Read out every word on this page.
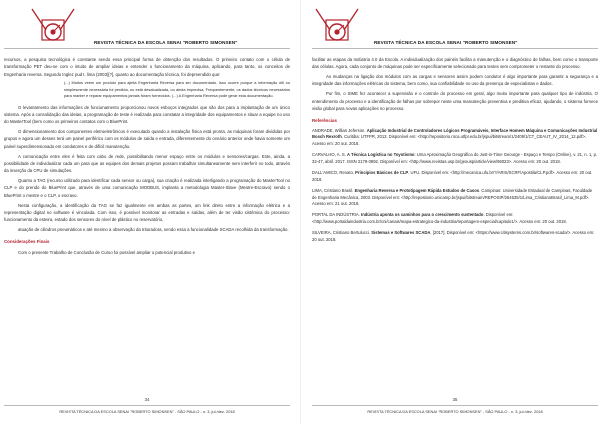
REVISTA TÉCNICA DA ESCOLA SENAI "ROBERTO SIMONSEN"

recursos, a pesquisa tecnológica é constante sendo essa principal forma de obtenção dos resultados. O primeiro contato com o célula de transformação PET deu-se com o intuito de ampliar ideias e entender o funcionamento da máquina, aplicando, para tanto, os conceitos de Engenharia reversa. Segundo Inglez pud t. lima (2003)[?], quanto ao documentação técnica, foi depreendido que:

(...) Muitos veem um produto para ajeita Engenharia Reversa para ser documentado. Isso ocorre porque a informação útil ou simplesmente necessária foi perdida, ou está desatualizada, ou ainda imprecisa. Frequentemente, os dados técnicos necessários para manter e reparar equipamentos jamais foram fornecidos. (...) A Engenharia Reversa pode gerar esta documentação.

O levantamento das informações de funcionamento proporcionou novos esboços integrados que são dos para a implantação de um único sistema. Após a consolidação das ideias, a programação de teste é realizada para constatar a integridade dos equipamentos e situar a equipe no uso do MasterTool (bem como os primeiros contatos com o BluePrint.

O dimensionamento dos componentes eletroeletrônicos é executado quando a instalação física está pronta, as máquinas foram divididas por grupos e agora um desses terá um painel periférico com os módulos de saída e entrada, diferentemente do cenário anterior onde havia somente um painel superdimensionado em condutores e de difícil manutenção.

A comunicação entre eles é feita com cabo de rede, possibilitando menor espaço entre os módulos e sensores/cargas. Este, ainda, a possibilidade de individualizar cada um para que as equipes dos demais projetos possam trabalhar simultaneamente sem interferir no todo, através da inserção da CPU de simulações.

Quanto a TAG (recurso utilizado para identificar cada sensor ou carga), sua criação é realizada interligando a programação do MasterTool no CLP e do prendo do BluePrint que, através de uma comunicação MODBUS, implanta a metodologia Master-Slave (Mestre-Escravo) sendo o BluePrint o mestre e o CLP, o escravo.

Nesta configuração, a identificação da TAG se faz igualmente em ambas as partes, um link direto entre a informação elétrica e a representação digital no software é vinculada. Com isso, é possível monitorar as entradas e saídas, além de ter visão sistêmica do processo: funcionamento da esteira, estado dos sensores do nível de plástico no reservatório,

atuação de cilindros pneumáticos e até mesmo a observação da trituradora, sendo essa a funcionalidade SCADA recolhida da transformação.

Considerações Finais

Com o presente Trabalho de Conclusão de Curso foi possível ampliar o potencial produtivo e

34
REVISTA TÉCNICA DA ESCOLA SENAI "ROBERTO SIMONSEN" - SÃO PAULO - n. 3, jul./dez. 2018
REVISTA TÉCNICA DA ESCOLA SENAI "ROBERTO SIMONSEN"

facilitar as etapas da Indústria 4.0 da Escola. A individualização dos painéis facilita a manutenção e o diagnóstico de falhas, bem como o transporte das células. Agora, cada conjunto de máquinas pode ser especificamente selecionado para testes sem comprometer o restante do processo.

As mudanças na ligação dos módulos com as cargas e sensores assim podem condutor é algo importante para garantir a segurança e a integridade das informações elétricas do sistema, bem como, sua confiabilidade no uso da presença de especialistas e dados.

Por fim, o SIME fez acontecer a supervisão e o controle do processo em geral, algo muito importante para qualquer tipo de indústria. O entendimento do processo e a identificação de falhas por sobrepor neste uma manutenção preventiva e preditiva eficaz, ajudando, o sistema fornece visão global para novas aplicações no processo.

Referências
ANDRADE, Willian Jeferson. Aplicação Industrial de Controladores Lógicos Programáveis, Interface Homem Máquina e Comunicações Industrial Bosch Rexroth. Curitiba: UTFPR, 2013. Disponível em: <http://repositorio.roca.utfpr.edu.br/jspui/bitstream/1/2409/1/CT_CEAUT_IV_2014_12.pdf>. Acesso em: 20 out. 2018.
CARVALHO, A. S. A Técnica Logística no Toyotismo: Uma Aproximação Geográfica do Just-in-Time Geourge - Espaço e Tempo (Online), v. 21, n. 1, p. 32-47, abril. 2017. ISSN 2179-0892. Disponível em: <http://www.revistas.usp.br/geousp/article/view/96023>. Acesso em: 20 out. 2018.
DALL'AMICO, Renato. Princípios Básicos de CLP. UFU. Disponível em: <http://mecanica.ufu.br/?/ARIS/SCRF/Apostila/CLP.pdf>. Acesso em: 20 out. 2018.
LIMA, Cristiano Brasil. Engenharia Reversa e Prototipagem Rápida Estudos de Casos. Campinas: Universidade Estadual de Campinas, Faculdade de Engenharia Mecânica, 2003. Disponível em: <http://repositorio.unicamp.br/jspui/bitstream/REPOSIP/264635/1/Lima_CristianoBrasil_Lima_M.pdf>. Acesso em: 21 out. 2018.
PORTAL DA INDÚSTRIA. Indústria aponta os caminhos para o crescimento sustentado. Disponível em: <http://www.portaldaindustria.com.br/cni/canais/mapa-estrategico-da-industria/reportagem-especial/capitulo1/>. Acesso em: 20 out. 2018.
SILVEIRA, Cristiano Bertulucci. Sistemas e Softwares SCADA. [2017]. Disponível em: <https://www.citisystems.com.br/softwares-scada/>. Acesso em: 20 out. 2018.
35
REVISTA TÉCNICA DA ESCOLA SENAI "ROBERTO SIMONSEN" - SÃO PAULO - n. 3, jul./dez. 2018
